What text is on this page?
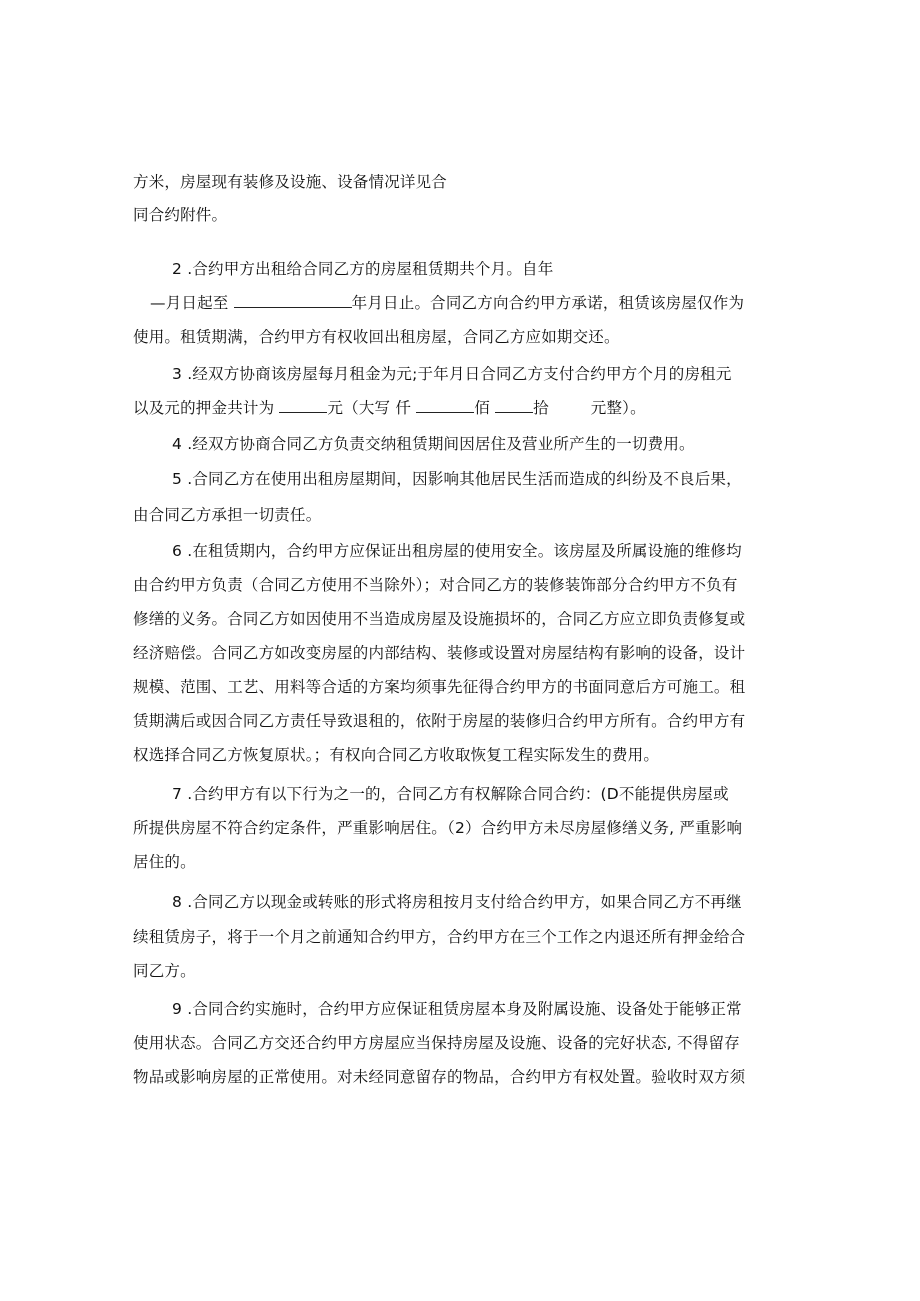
方米，房屋现有装修及设施、设备情况详见合

同合约附件。

2 .合约甲方出租给合同乙方的房屋租赁期共个月。自年

—月日起至	年月日止。合同乙方向合约甲方承诺，租赁该房屋仅作为

使用。租赁期满，合约甲方有权收回出租房屋，合同乙方应如期交还。

3 .经双方协商该房屋每月租金为元;于年月日合同乙方支付合约甲方个月的房租元

以及元的押金共计为	元（大写 仟	佰	拾	元整）。

4 .经双方协商合同乙方负责交纳租赁期间因居住及营业所产生的一切费用。

5 .合同乙方在使用出租房屋期间，因影响其他居民生活而造成的纠纷及不良后果，

由合同乙方承担一切责任。

6 .在租赁期内，合约甲方应保证出租房屋的使用安全。该房屋及所属设施的维修均

由合约甲方负责（合同乙方使用不当除外）；对合同乙方的装修装饰部分合约甲方不负有

修缮的义务。合同乙方如因使用不当造成房屋及设施损坏的，合同乙方应立即负责修复或

经济赔偿。合同乙方如改变房屋的内部结构、装修或设置对房屋结构有影响的设备，设计

规模、范围、工艺、用料等合适的方案均须事先征得合约甲方的书面同意后方可施工。租

赁期满后或因合同乙方责任导致退租的，依附于房屋的装修归合约甲方所有。合约甲方有

权选择合同乙方恢复原状。；有权向合同乙方收取恢复工程实际发生的费用。

7 .合约甲方有以下行为之一的，合同乙方有权解除合同合约：(D不能提供房屋或

所提供房屋不符合约定条件，严重影响居住。（2）合约甲方未尽房屋修缮义务, 严重影响

居住的。

8 .合同乙方以现金或转账的形式将房租按月支付给合约甲方，如果合同乙方不再继

续租赁房子，将于一个月之前通知合约甲方，合约甲方在三个工作之内退还所有押金给合

同乙方。

9 .合同合约实施时，合约甲方应保证租赁房屋本身及附属设施、设备处于能够正常

使用状态。合同乙方交还合约甲方房屋应当保持房屋及设施、设备的完好状态, 不得留存

物品或影响房屋的正常使用。对未经同意留存的物品，合约甲方有权处置。验收时双方须
